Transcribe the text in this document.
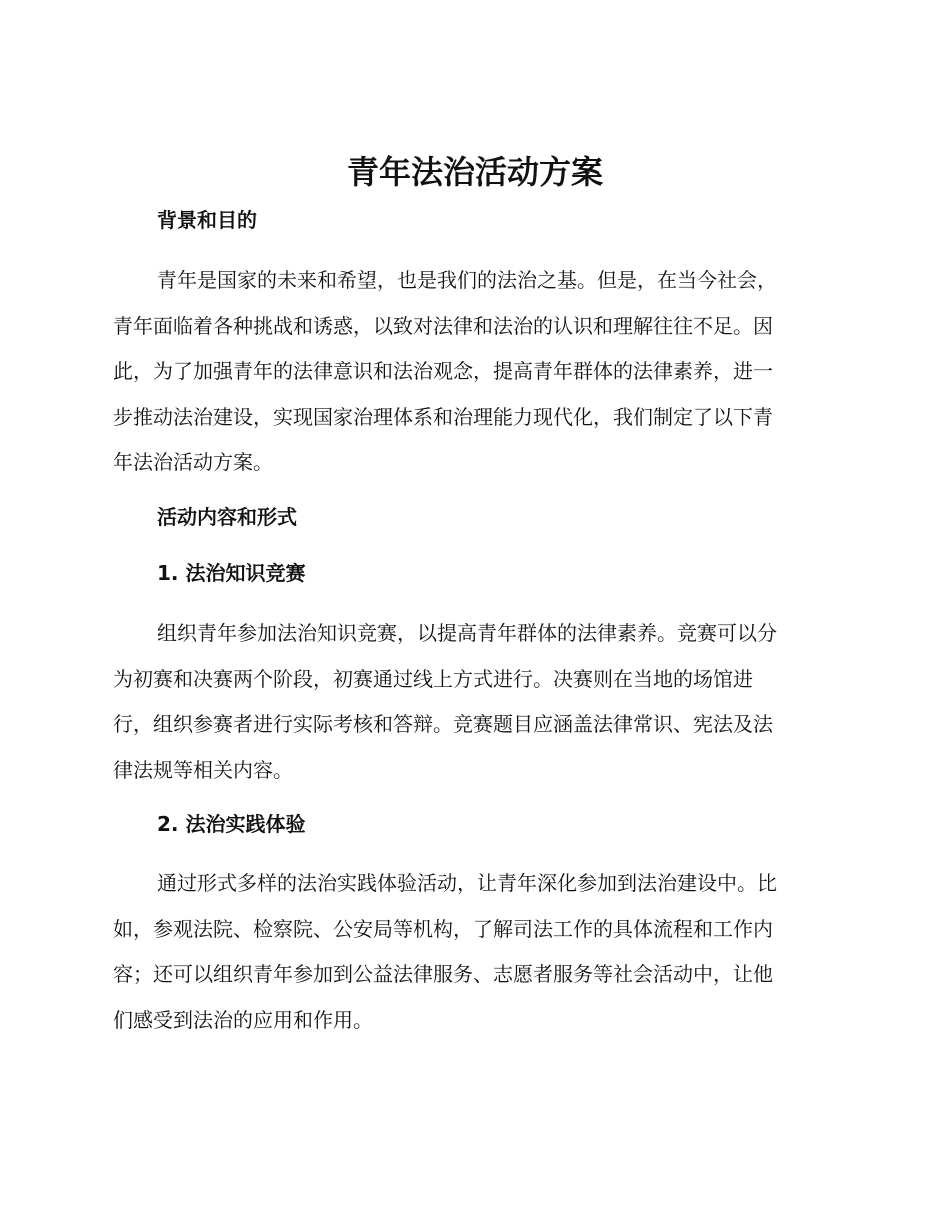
青年法治活动方案
背景和目的
青年是国家的未来和希望，也是我们的法治之基。但是，在当今社会，
青年面临着各种挑战和诱惑，以致对法律和法治的认识和理解往往不足。因
此，为了加强青年的法律意识和法治观念，提高青年群体的法律素养，进一
步推动法治建设，实现国家治理体系和治理能力现代化，我们制定了以下青
年法治活动方案。
活动内容和形式
1. 法治知识竞赛
组织青年参加法治知识竞赛，以提高青年群体的法律素养。竞赛可以分
为初赛和决赛两个阶段，初赛通过线上方式进行。决赛则在当地的场馆进
行，组织参赛者进行实际考核和答辩。竞赛题目应涵盖法律常识、宪法及法
律法规等相关内容。
2. 法治实践体验
通过形式多样的法治实践体验活动，让青年深化参加到法治建设中。比
如，参观法院、检察院、公安局等机构，了解司法工作的具体流程和工作内
容；还可以组织青年参加到公益法律服务、志愿者服务等社会活动中，让他
们感受到法治的应用和作用。
